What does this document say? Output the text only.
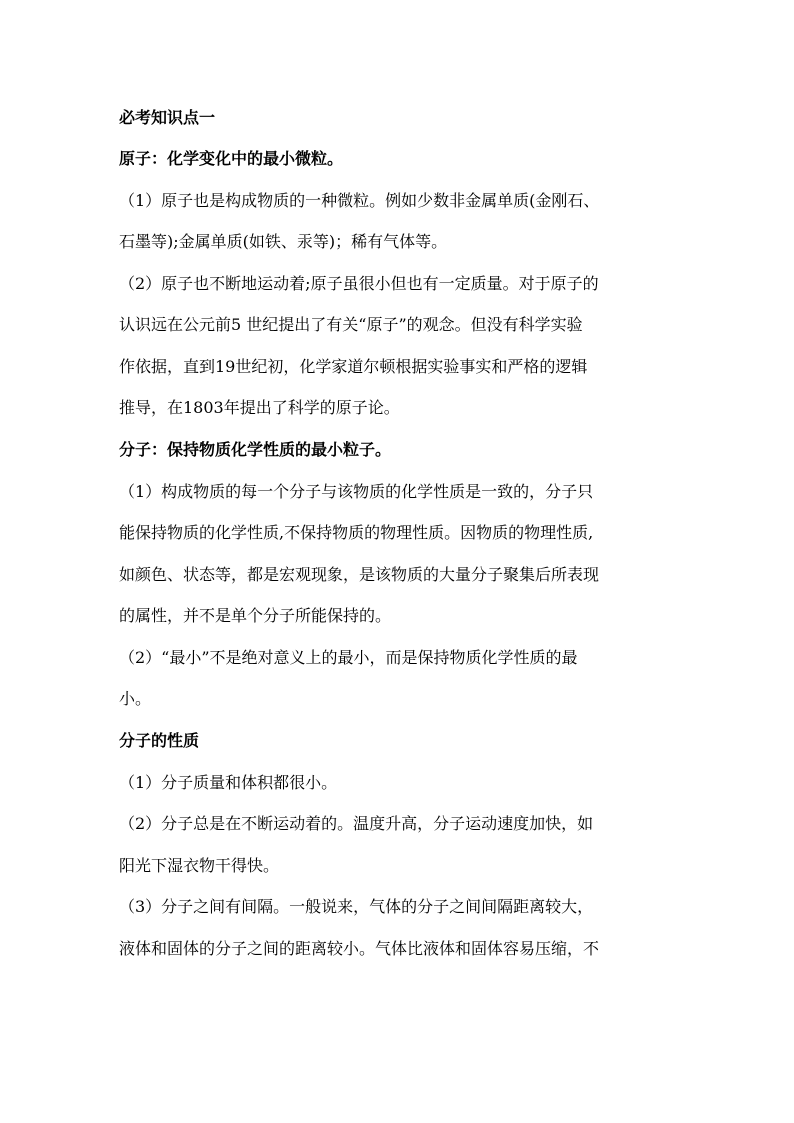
必考知识点一
原子：化学变化中的最小微粒。
（1）原子也是构成物质的一种微粒。例如少数非金属单质(金刚石、
石墨等);金属单质(如铁、汞等)；稀有气体等。
（2）原子也不断地运动着;原子虽很小但也有一定质量。对于原子的
认识远在公元前5 世纪提出了有关“原子”的观念。但没有科学实验
作依据，直到19世纪初，化学家道尔顿根据实验事实和严格的逻辑
推导，在1803年提出了科学的原子论。
分子：保持物质化学性质的最小粒子。
（1）构成物质的每一个分子与该物质的化学性质是一致的，分子只
能保持物质的化学性质,不保持物质的物理性质。因物质的物理性质,
如颜色、状态等，都是宏观现象，是该物质的大量分子聚集后所表现
的属性，并不是单个分子所能保持的。
（2）“最小”不是绝对意义上的最小，而是保持物质化学性质的最
小。
分子的性质
（1）分子质量和体积都很小。
（2）分子总是在不断运动着的。温度升高，分子运动速度加快，如
阳光下湿衣物干得快。
（3）分子之间有间隔。一般说来，气体的分子之间间隔距离较大，
液体和固体的分子之间的距离较小。气体比液体和固体容易压缩，不
